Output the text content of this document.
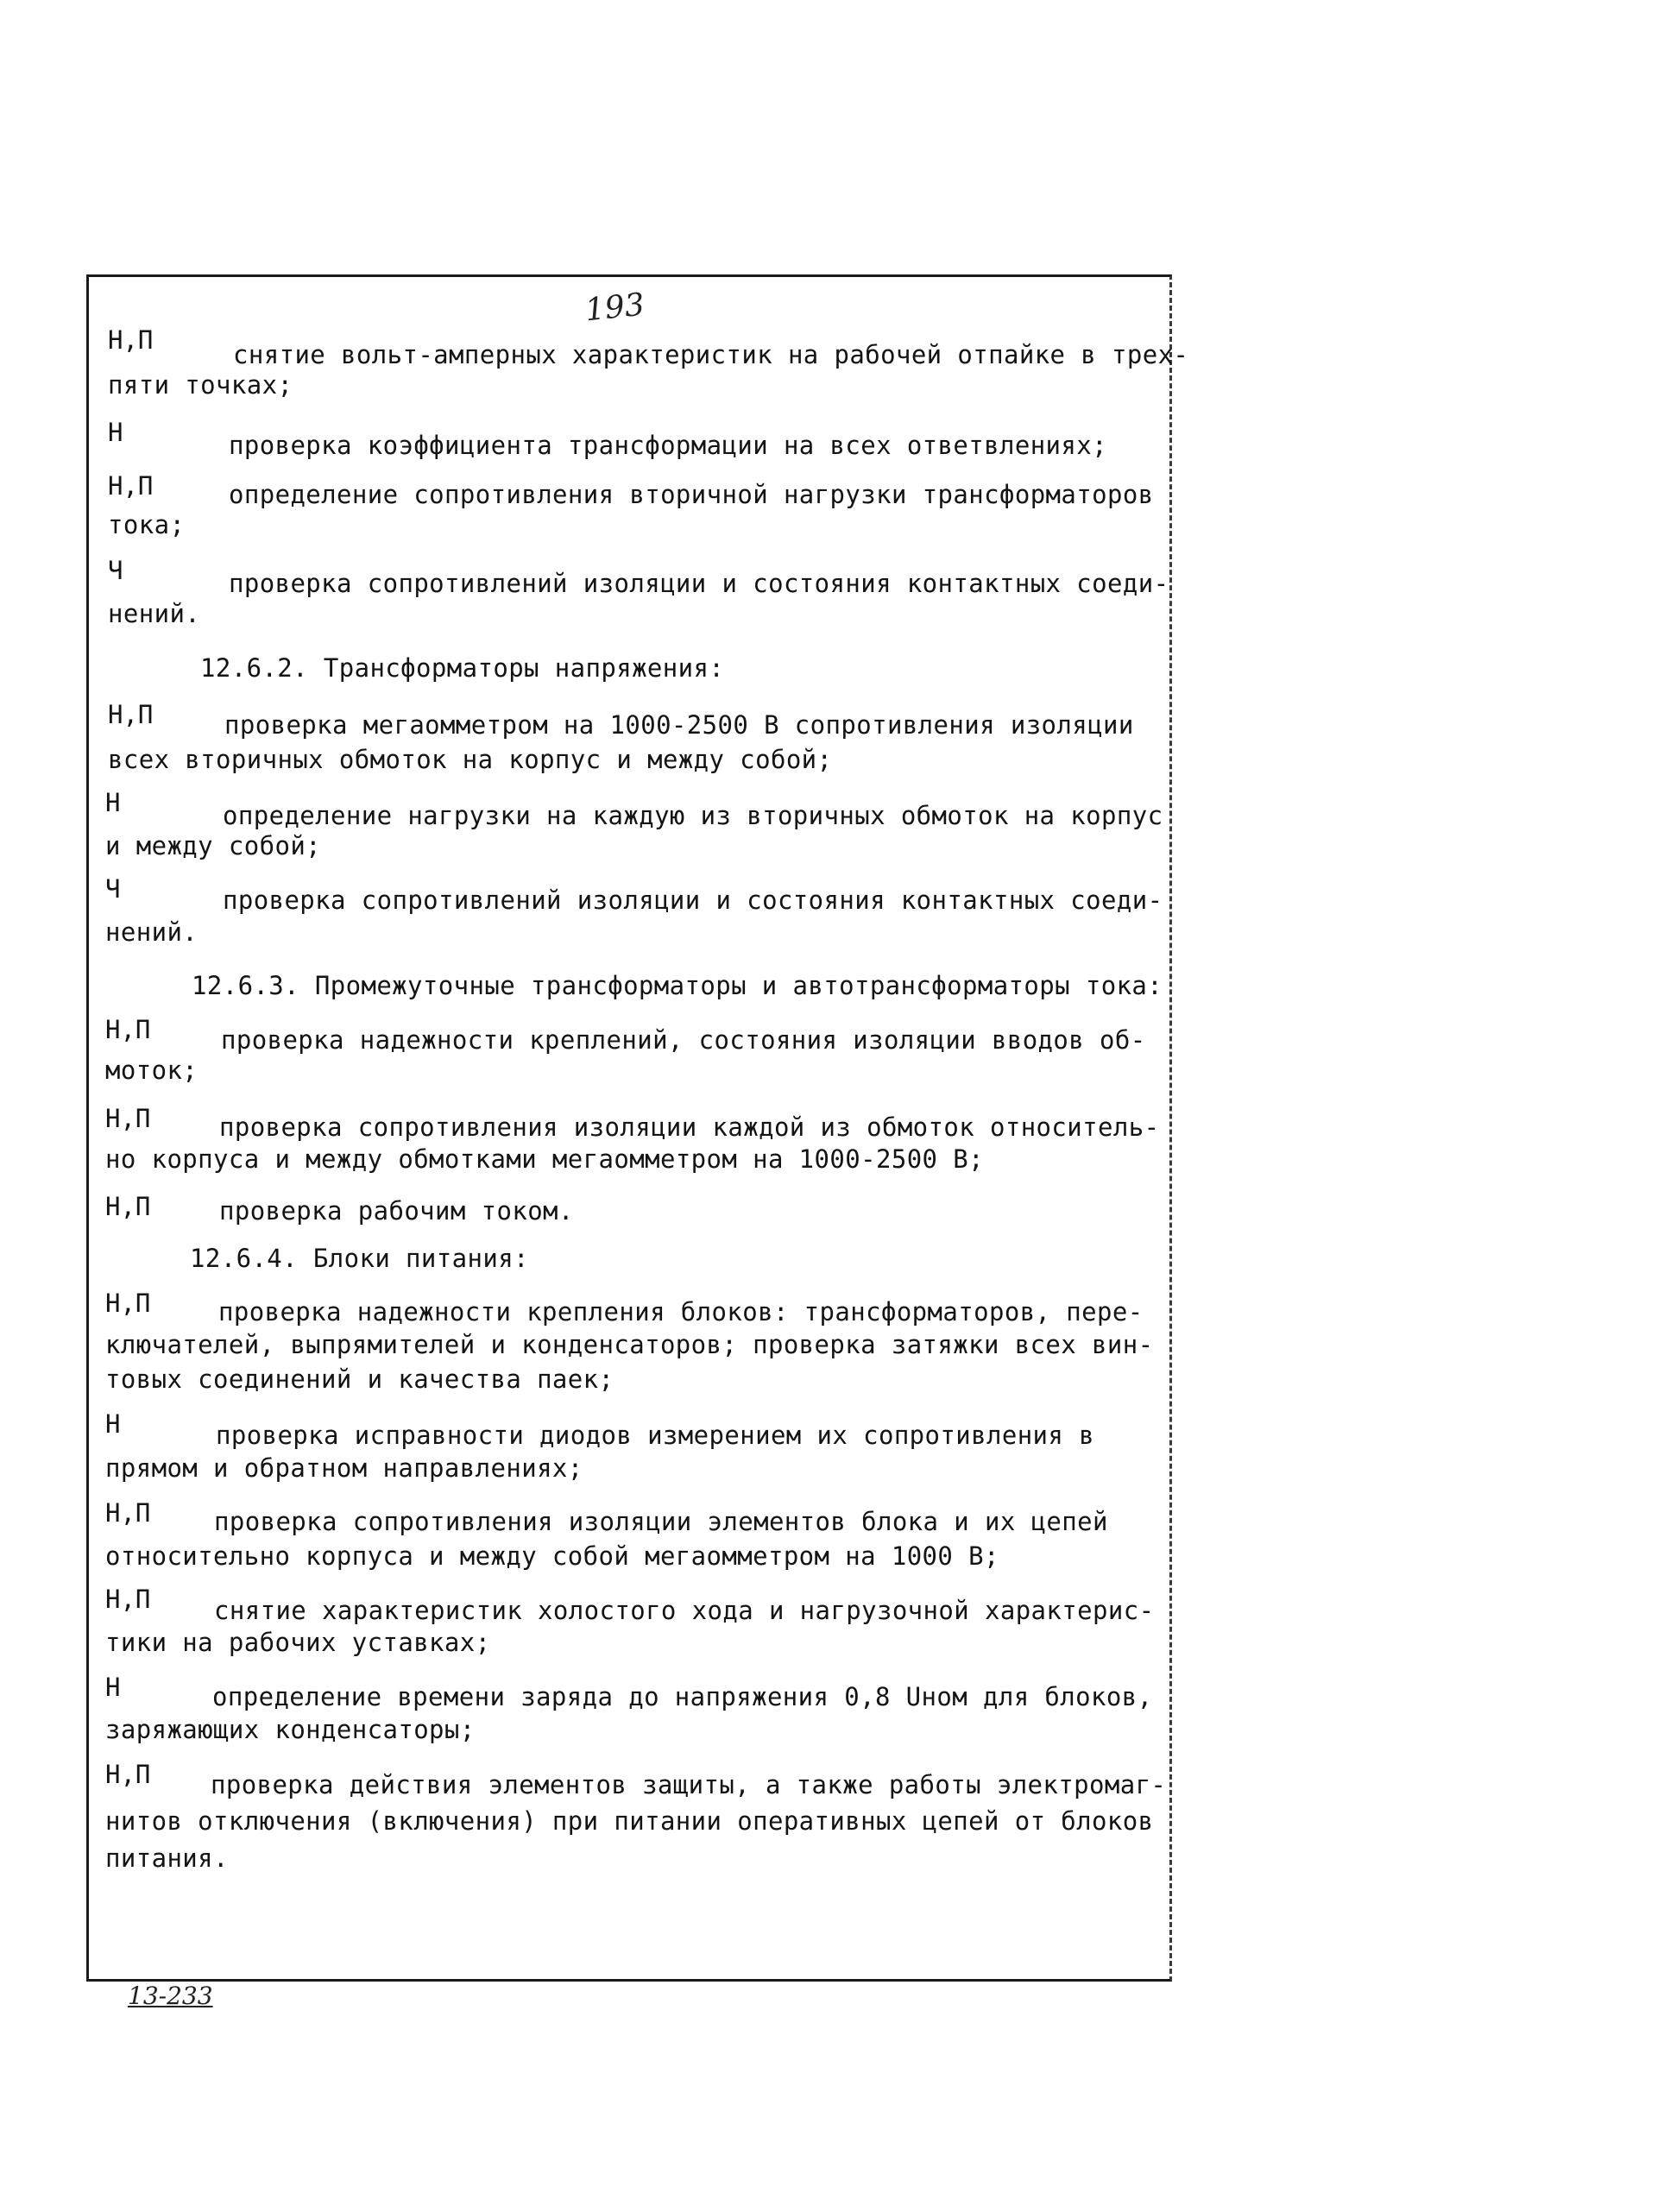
193
Н,П	снятие вольт-амперных характеристик на рабочей отпайке в трех-
пяти точках;
Н	проверка коэффициента трансформации на всех ответвлениях;
Н,П	определение сопротивления вторичной нагрузки трансформаторов
тока;
Ч	проверка сопротивлений изоляции и состояния контактных соеди-
нений.
12.6.2. Трансформаторы напряжения:
Н,П	проверка мегаомметром на 1000-2500 В сопротивления изоляции
всех вторичных обмоток на корпус и между собой;
Н	определение нагрузки на каждую из вторичных обмоток на корпус
и между собой;
Ч	проверка сопротивлений изоляции и состояния контактных соеди-
нений.
12.6.3. Промежуточные трансформаторы и автотрансформаторы тока:
Н,П	проверка надежности креплений, состояния изоляции вводов об-
моток;
Н,П	проверка сопротивления изоляции каждой из обмоток относитель-
но корпуса и между обмотками мегаомметром на 1000-2500 В;
Н,П	проверка рабочим током.
12.6.4. Блоки питания:
Н,П	проверка надежности крепления блоков: трансформаторов, пере-
ключателей, выпрямителей и конденсаторов; проверка затяжки всех вин-
товых соединений и качества паек;
Н	проверка исправности диодов измерением их сопротивления в
прямом и обратном направлениях;
Н,П	проверка сопротивления изоляции элементов блока и их цепей
относительно корпуса и между собой мегаомметром на 1000 В;
Н,П	снятие характеристик холостого хода и нагрузочной характерис-
тики на рабочих уставках;
Н	определение времени заряда до напряжения 0,8 Uном для блоков,
заряжающих конденсаторы;
Н,П проверка действия элементов защиты, а также работы электромаг-
нитов отключения (включения) при питании оперативных цепей от блоков
питания.
13-233
